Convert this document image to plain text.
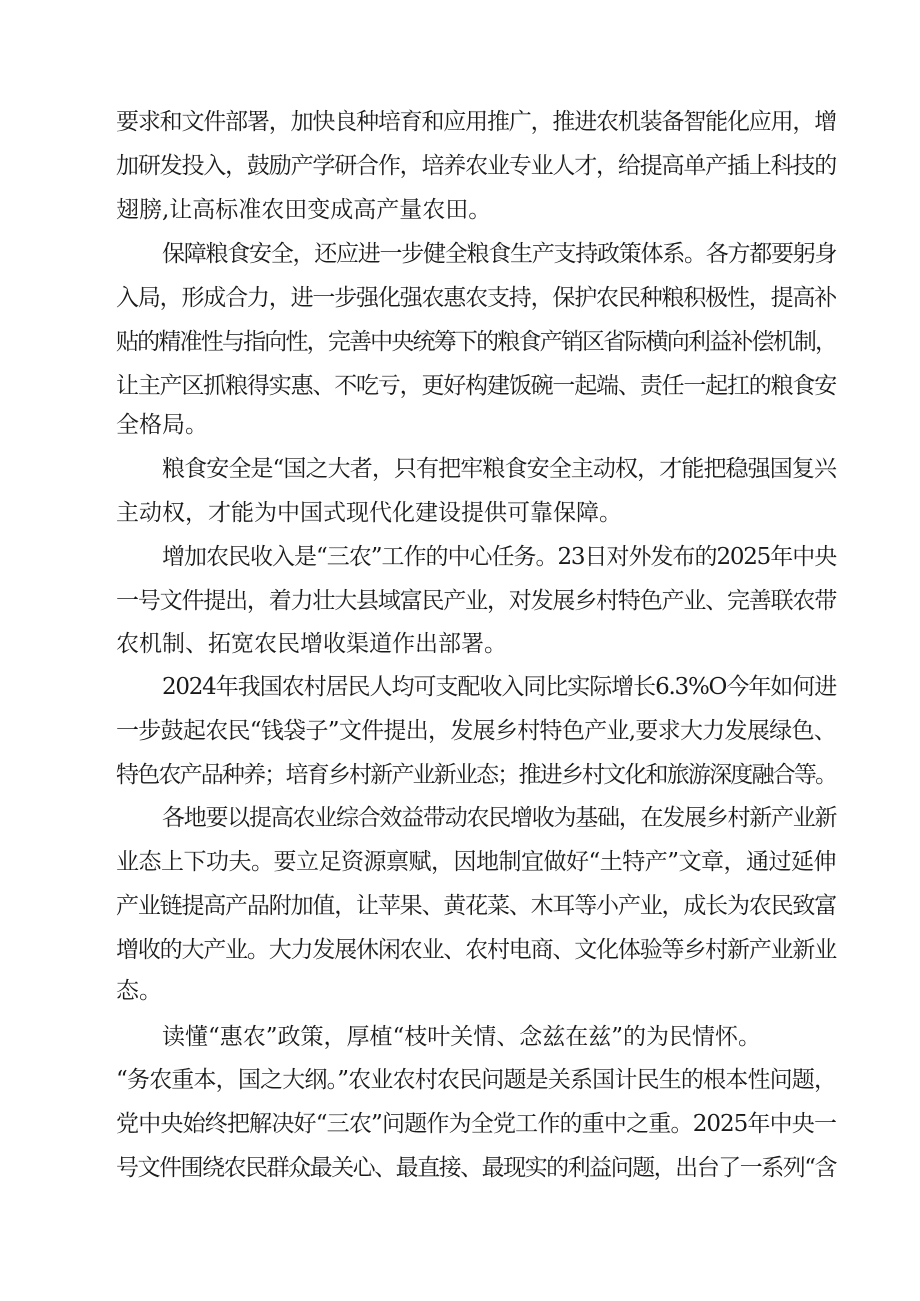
要求和文件部署，加快良种培育和应用推广，推进农机装备智能化应用，增
加研发投入，鼓励产学研合作，培养农业专业人才，给提高单产插上科技的
翅膀,让高标准农田变成高产量农田。
保障粮食安全，还应进一步健全粮食生产支持政策体系。各方都要躬身
入局，形成合力，进一步强化强农惠农支持，保护农民种粮积极性，提高补
贴的精准性与指向性，完善中央统筹下的粮食产销区省际横向利益补偿机制，
让主产区抓粮得实惠、不吃亏，更好构建饭碗一起端、责任一起扛的粮食安
全格局。
粮食安全是“国之大者，只有把牢粮食安全主动权，才能把稳强国复兴
主动权，才能为中国式现代化建设提供可靠保障。
增加农民收入是“三农”工作的中心任务。23日对外发布的2025年中央
一号文件提出，着力壮大县域富民产业，对发展乡村特色产业、完善联农带
农机制、拓宽农民增收渠道作出部署。
2024年我国农村居民人均可支配收入同比实际增长6.3%O今年如何进
一步鼓起农民“钱袋子”文件提出，发展乡村特色产业,要求大力发展绿色、
特色农产品种养；培育乡村新产业新业态；推进乡村文化和旅游深度融合等。
各地要以提高农业综合效益带动农民增收为基础，在发展乡村新产业新
业态上下功夫。要立足资源禀赋，因地制宜做好“土特产”文章，通过延伸
产业链提高产品附加值，让苹果、黄花菜、木耳等小产业，成长为农民致富
增收的大产业。大力发展休闲农业、农村电商、文化体验等乡村新产业新业
态。
读懂“惠农”政策，厚植“枝叶关情、念兹在兹”的为民情怀。
“务农重本，国之大纲。”农业农村农民问题是关系国计民生的根本性问题，
党中央始终把解决好“三农”问题作为全党工作的重中之重。2025年中央一
号文件围绕农民群众最关心、最直接、最现实的利益问题，出台了一系列“含
